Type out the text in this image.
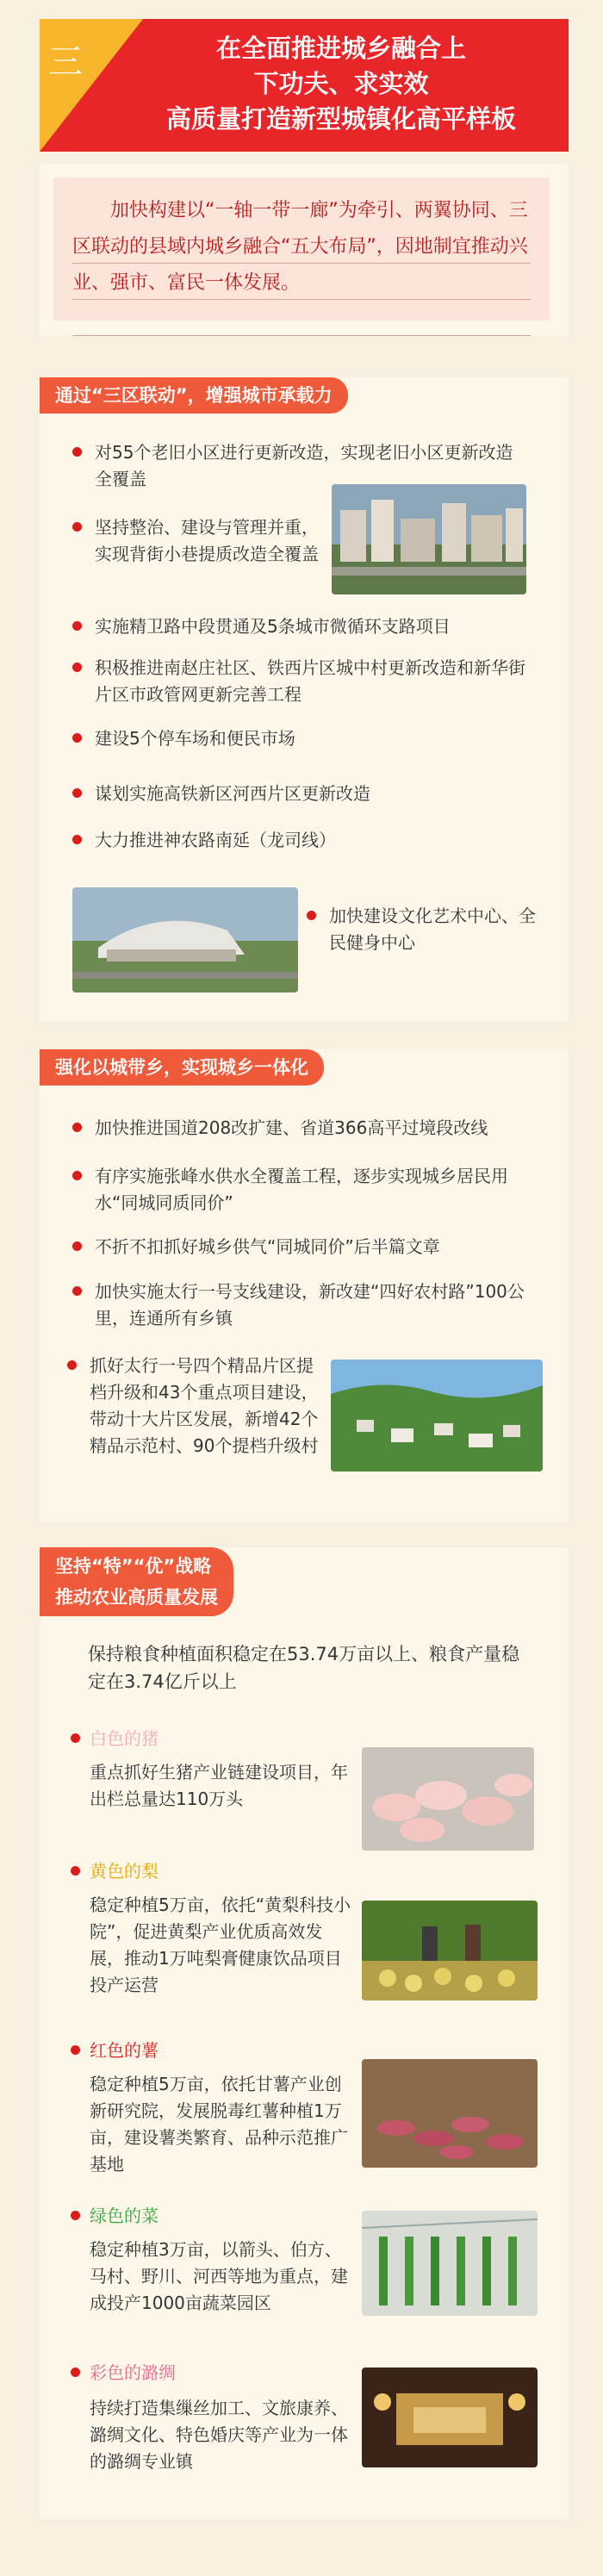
三	在全面推进城乡融合上
下功夫、求实效
高质量打造新型城镇化高平样板

加快构建以“一轴一带一廊”为牵引、两翼协同、三区联动的县域内城乡融合“五大布局”，因地制宜推动兴业、强市、富民一体发展。

通过“三区联动”，增强城市承载力
对55个老旧小区进行更新改造，实现老旧小区更新改造全覆盖
坚持整治、建设与管理并重，实现背街小巷提质改造全覆盖
实施精卫路中段贯通及5条城市微循环支路项目
积极推进南赵庄社区、铁西片区城中村更新改造和新华街片区市政管网更新完善工程
建设5个停车场和便民市场
谋划实施高铁新区河西片区更新改造
大力推进神农路南延（龙司线）
加快建设文化艺术中心、全民健身中心
强化以城带乡，实现城乡一体化
加快推进国道208改扩建、省道366高平过境段改线
有序实施张峰水供水全覆盖工程，逐步实现城乡居民用水“同城同质同价”
不折不扣抓好城乡供气“同城同价”后半篇文章
加快实施太行一号支线建设，新改建“四好农村路”100公里，连通所有乡镇
抓好太行一号四个精品片区提档升级和43个重点项目建设，带动十大片区发展，新增42个精品示范村、90个提档升级村
坚持“特”“优”战略
推动农业高质量发展
保持粮食种植面积稳定在53.74万亩以上、粮食产量稳定在3.74亿斤以上
白色的猪
重点抓好生猪产业链建设项目，年出栏总量达110万头
黄色的梨
稳定种植5万亩，依托“黄梨科技小院”，促进黄梨产业优质高效发展，推动1万吨梨膏健康饮品项目投产运营
红色的薯
稳定种植5万亩，依托甘薯产业创新研究院，发展脱毒红薯种植1万亩，建设薯类繁育、品种示范推广基地
绿色的菜
稳定种植3万亩，以箭头、伯方、马村、野川、河西等地为重点，建成投产1000亩蔬菜园区
彩色的潞绸
持续打造集缫丝加工、文旅康养、潞绸文化、特色婚庆等产业为一体的潞绸专业镇
